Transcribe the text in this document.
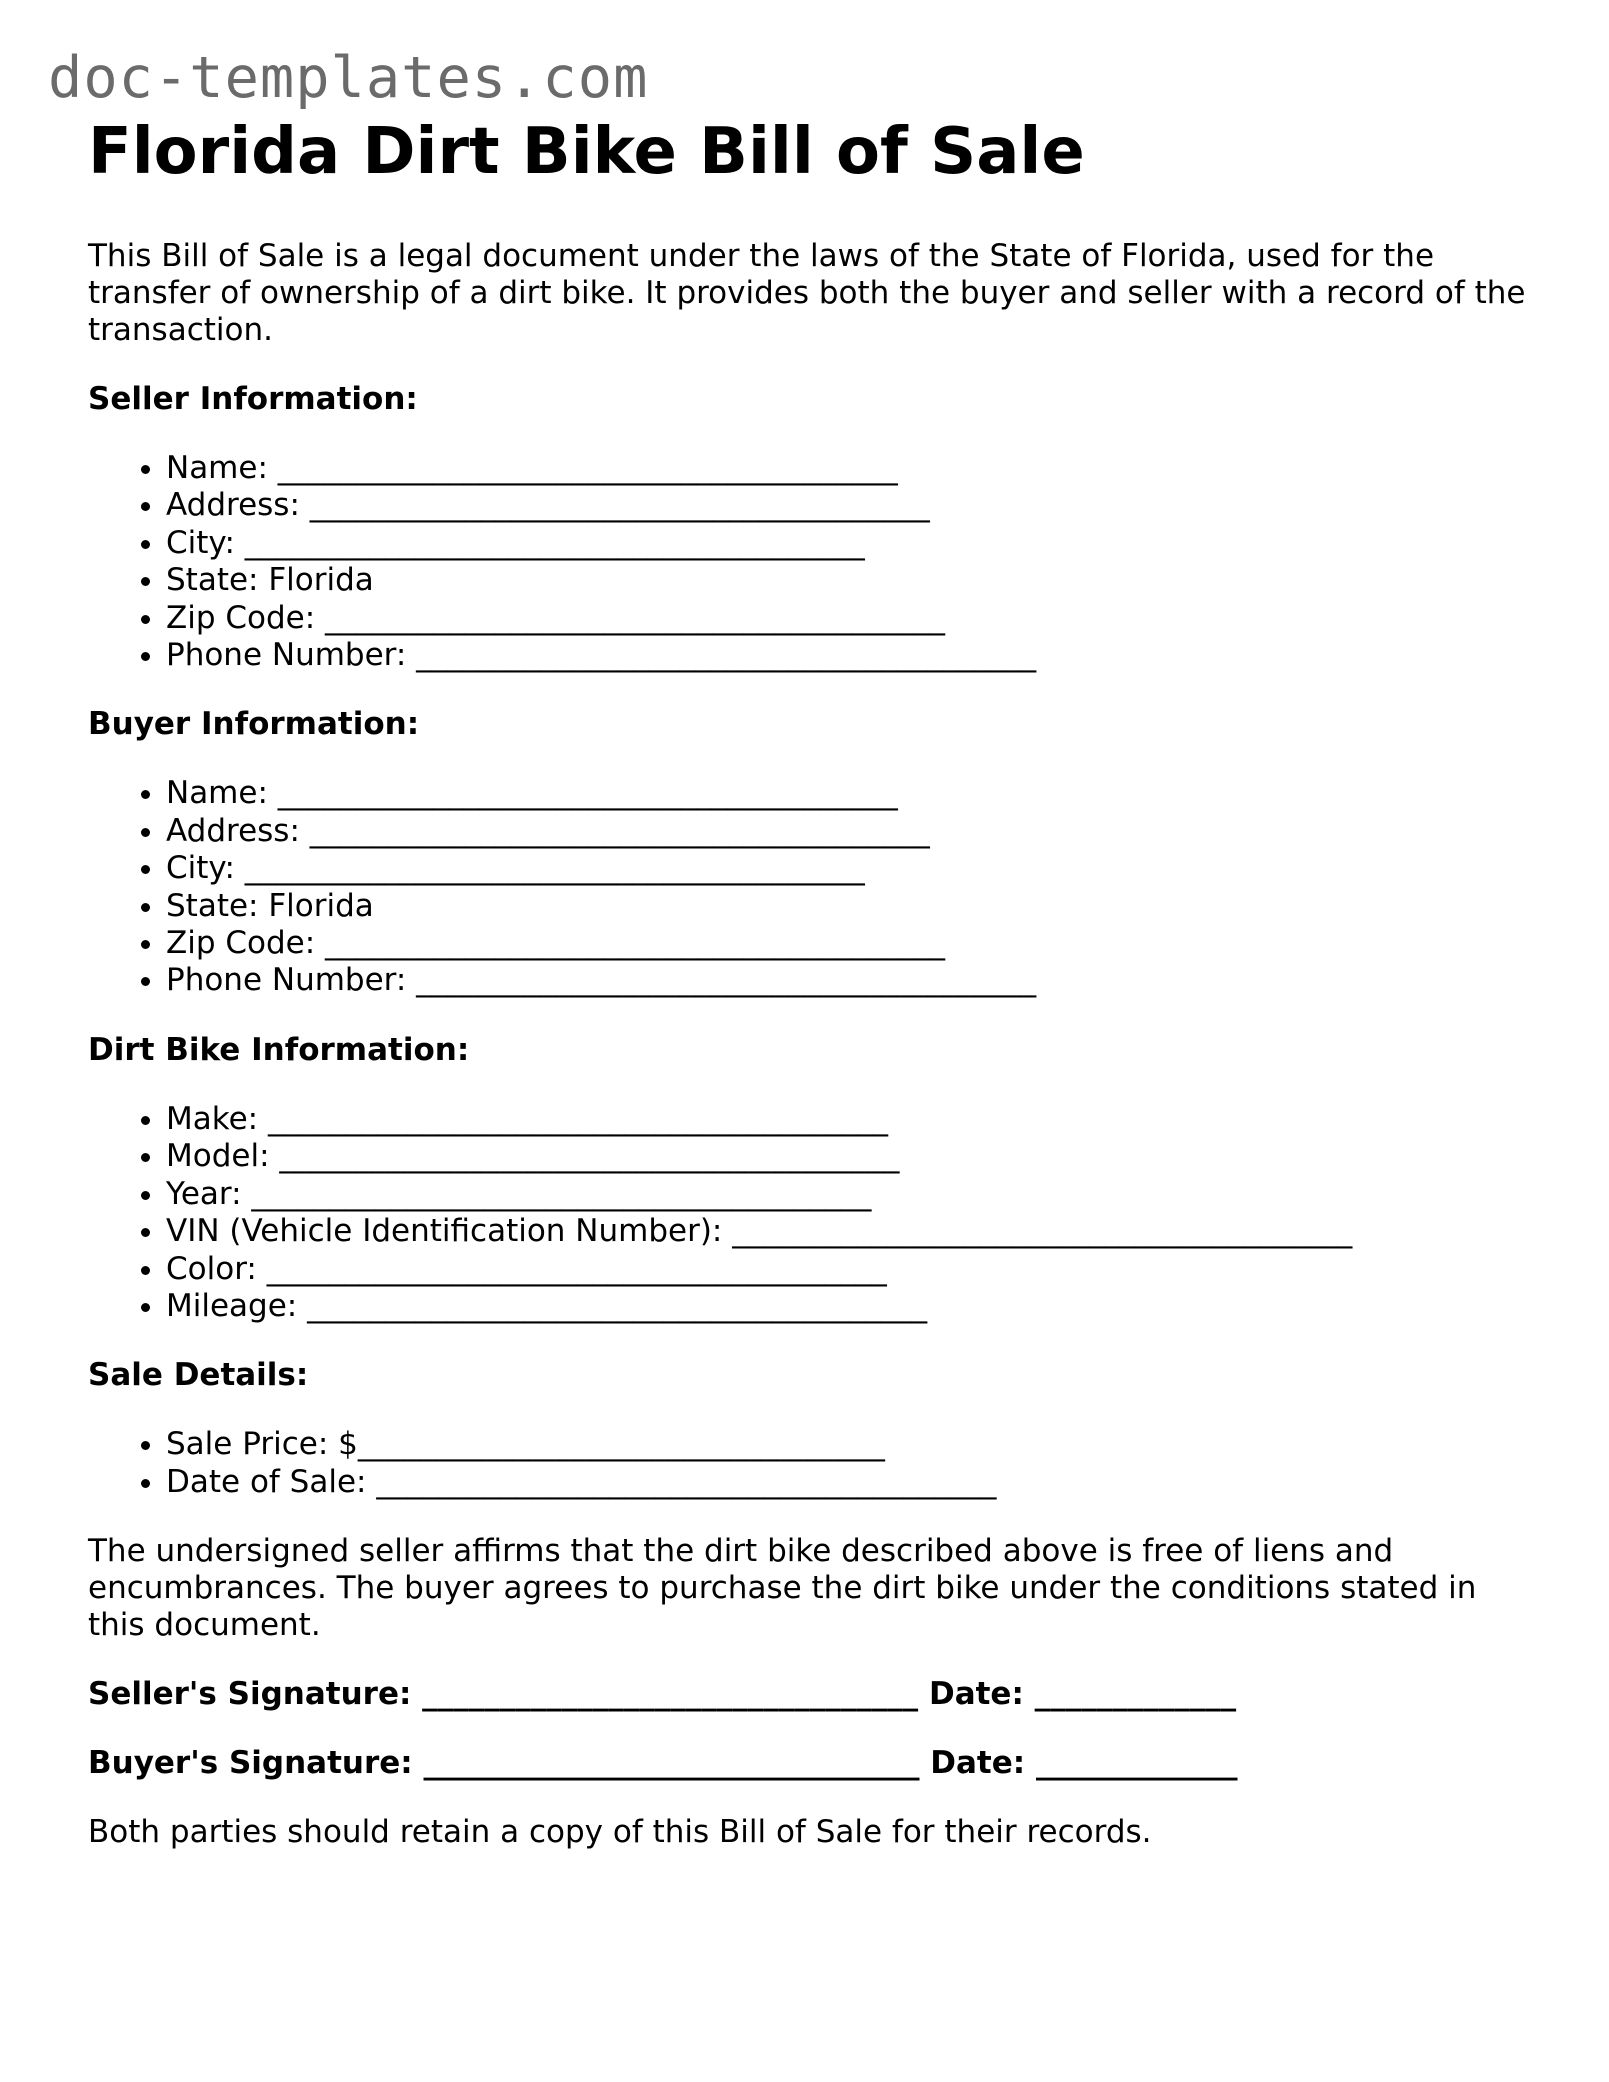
doc-templates.com
Florida Dirt Bike Bill of Sale

This Bill of Sale is a legal document under the laws of the State of Florida, used for the transfer of ownership of a dirt bike. It provides both the buyer and seller with a record of the transaction.

Seller Information:
• Name: ________________________________________
• Address: ________________________________________
• City: ________________________________________
• State: Florida
• Zip Code: ________________________________________
• Phone Number: ________________________________________
Buyer Information:
• Name: ________________________________________
• Address: ________________________________________
• City: ________________________________________
• State: Florida
• Zip Code: ________________________________________
• Phone Number: ________________________________________
Dirt Bike Information:
• Make: ________________________________________
• Model: ________________________________________
• Year: ________________________________________
• VIN (Vehicle Identification Number): ________________________________________
• Color: ________________________________________
• Mileage: ________________________________________
Sale Details:
• Sale Price: $__________________________________
• Date of Sale: ________________________________________

The undersigned seller affirms that the dirt bike described above is free of liens and encumbrances. The buyer agrees to purchase the dirt bike under the conditions stated in this document.

Seller's Signature: ________________________________ Date: _____________
Buyer's Signature: ________________________________ Date: _____________

Both parties should retain a copy of this Bill of Sale for their records.
